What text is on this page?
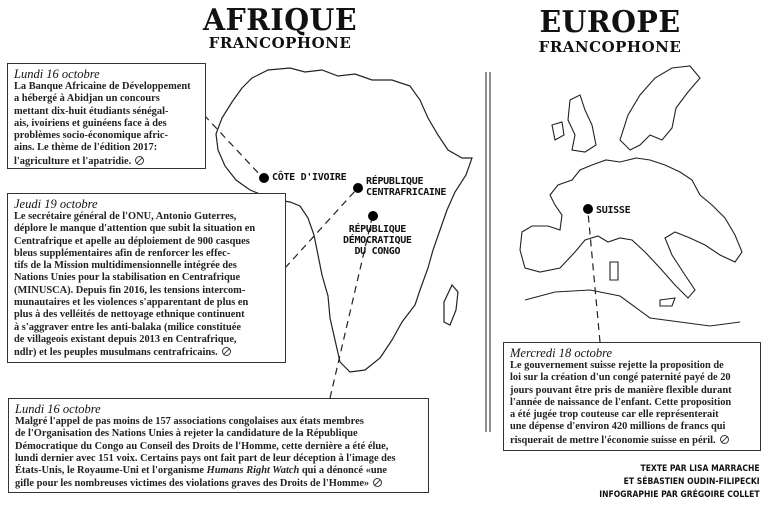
AFRIQUE
FRANCOPHONE
EUROPE
FRANCOPHONE
CÔTE D'IVOIRE RÉPUBLIQUE
CENTRAFRICAINE
RÉPUBLIQUE
DÉMOCRATIQUE
DU CONGO
SUISSE
Lundi 16 octobre
La Banque Africaine de Développement
a hébergé à Abidjan un concours
mettant dix-huit étudiants sénégal-
ais, ivoiriens et guinéens face à des
problèmes socio-économique afric-
ains. Le thème de l'édition 2017:
l'agriculture et l'apatridie.
Jeudi 19 octobre
Le secrétaire général de l'ONU, Antonio Guterres,
déplore le manque d'attention que subit la situation en
Centrafrique et apelle au déploiement de 900 casques
bleus supplémentaires afin de renforcer les effec-
tifs de la Mission multidimensionnelle intégrée des
Nations Unies pour la stabilisation en Centrafrique
(MINUSCA). Depuis fin 2016, les tensions intercom-
munautaires et les violences s'apparentant de plus en
plus à des velléités de nettoyage ethnique continuent
à s'aggraver entre les anti-balaka (milice constituée
de villageois existant depuis 2013 en Centrafrique,
ndlr) et les peuples musulmans centrafricains.
Lundi 16 octobre
Malgré l'appel de pas moins de 157 associations congolaises aux états membres
de l'Organisation des Nations Unies à rejeter la candidature de la République
Démocratique du Congo au Conseil des Droits de l'Homme, cette dernière a été élue,
lundi dernier avec 151 voix. Certains pays ont fait part de leur déception à l'image des
États-Unis, le Royaume-Uni et l'organisme Humans Right Watch qui a dénoncé «une
gifle pour les nombreuses victimes des violations graves des Droits de l'Homme»
Mercredi 18 octobre
Le gouvernement suisse rejette la proposition de
loi sur la création d'un congé paternité payé de 20
jours pouvant être pris de manière flexible durant
l'année de naissance de l'enfant. Cette proposition
a été jugée trop couteuse car elle représenterait
une dépense d'environ 420 millions de francs qui
risquerait de mettre l'économie suisse en péril.
TEXTE PAR LISA MARRACHE
ET SÉBASTIEN OUDIN-FILIPECKI
INFOGRAPHIE PAR GRÉGOIRE COLLET
